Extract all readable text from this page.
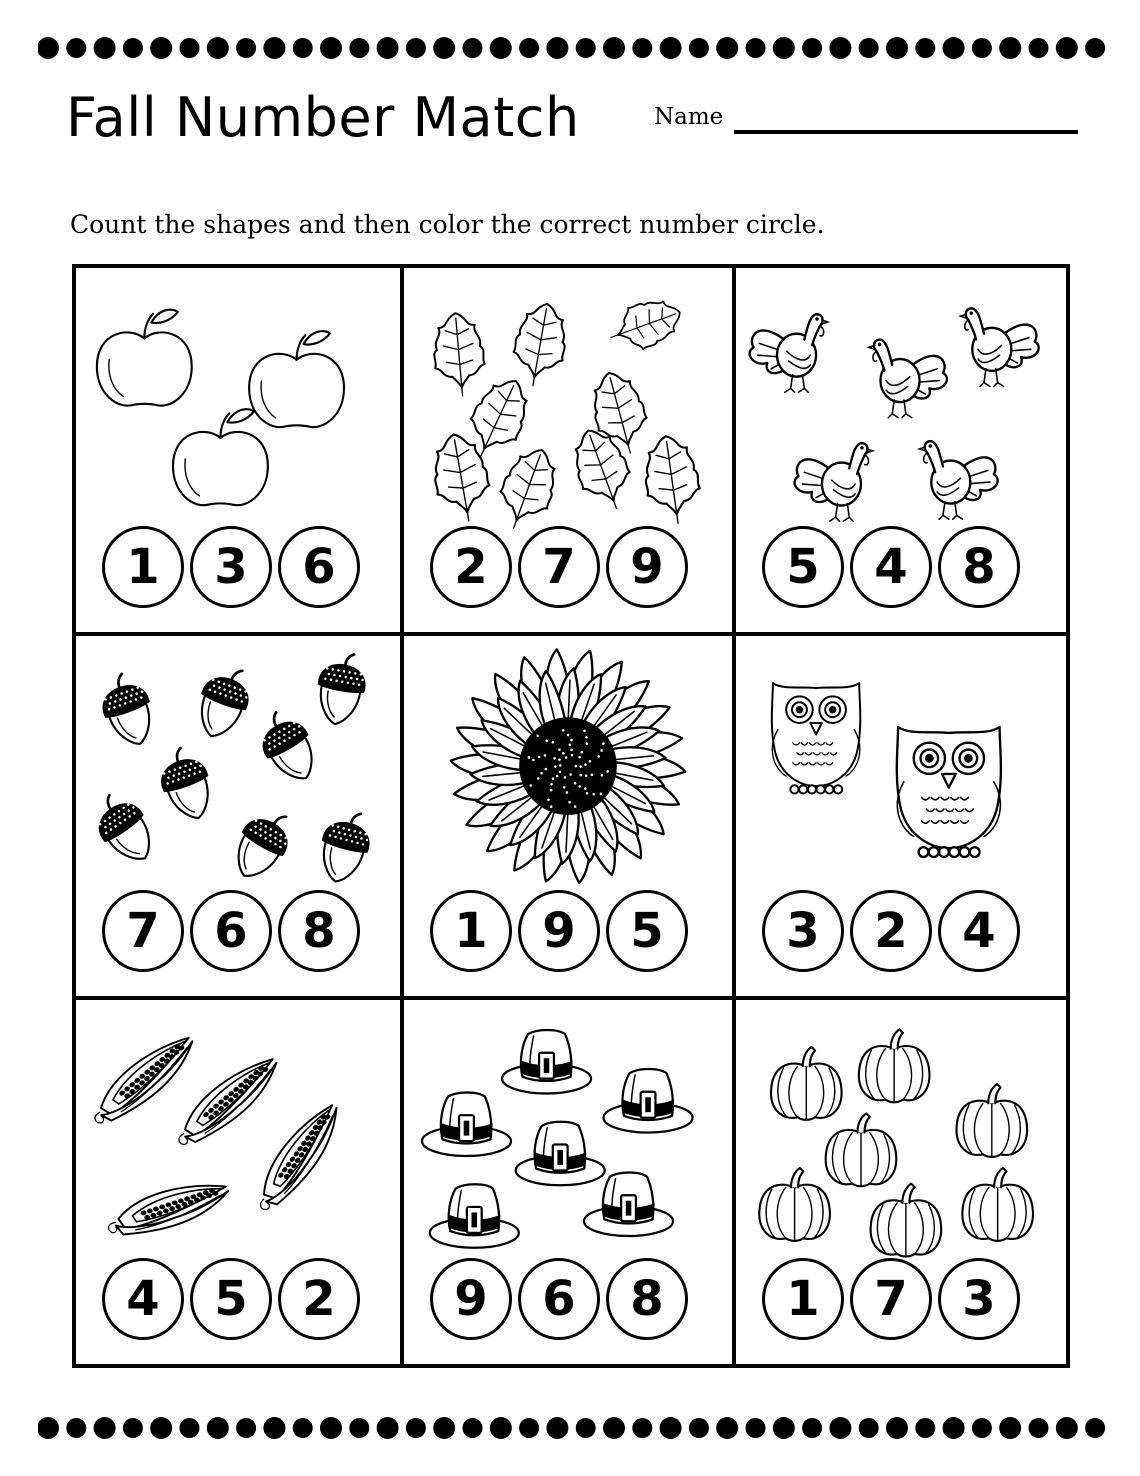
Fall Number Match	Name
Count the shapes and then color the correct number circle.
1	3	6	2	7	9	5	4	8
7	6	8	1	9	5	3	2	4
4	5	2	9	6	8	1	7	3
